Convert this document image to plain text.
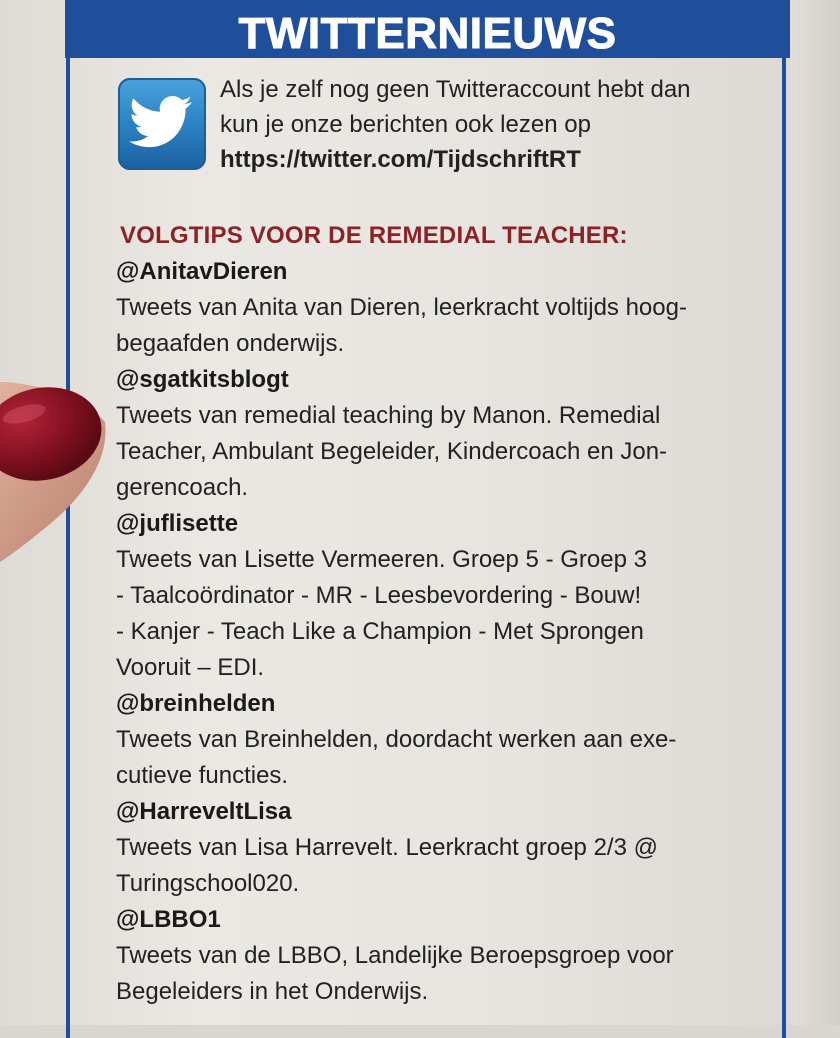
TWITTERNIEUWS
Als je zelf nog geen Twitteraccount hebt dan
kun je onze berichten ook lezen op
https://twitter.com/TijdschriftRT
VOLGTIPS VOOR DE REMEDIAL TEACHER:
@AnitavDieren
Tweets van Anita van Dieren, leerkracht voltijds hoog-
begaafden onderwijs.
@sgatkitsblogt
Tweets van remedial teaching by Manon. Remedial
Teacher, Ambulant Begeleider, Kindercoach en Jon-
gerencoach.
@juflisette
Tweets van Lisette Vermeeren. Groep 5 - Groep 3
- Taalcoördinator - MR - Leesbevordering - Bouw!
- Kanjer - Teach Like a Champion - Met Sprongen
Vooruit – EDI.
@breinhelden
Tweets van Breinhelden, doordacht werken aan exe-
cutieve functies.
@HarreveltLisa
Tweets van Lisa Harrevelt. Leerkracht groep 2/3 @
Turingschool020.
@LBBO1
Tweets van de LBBO, Landelijke Beroepsgroep voor
Begeleiders in het Onderwijs.
